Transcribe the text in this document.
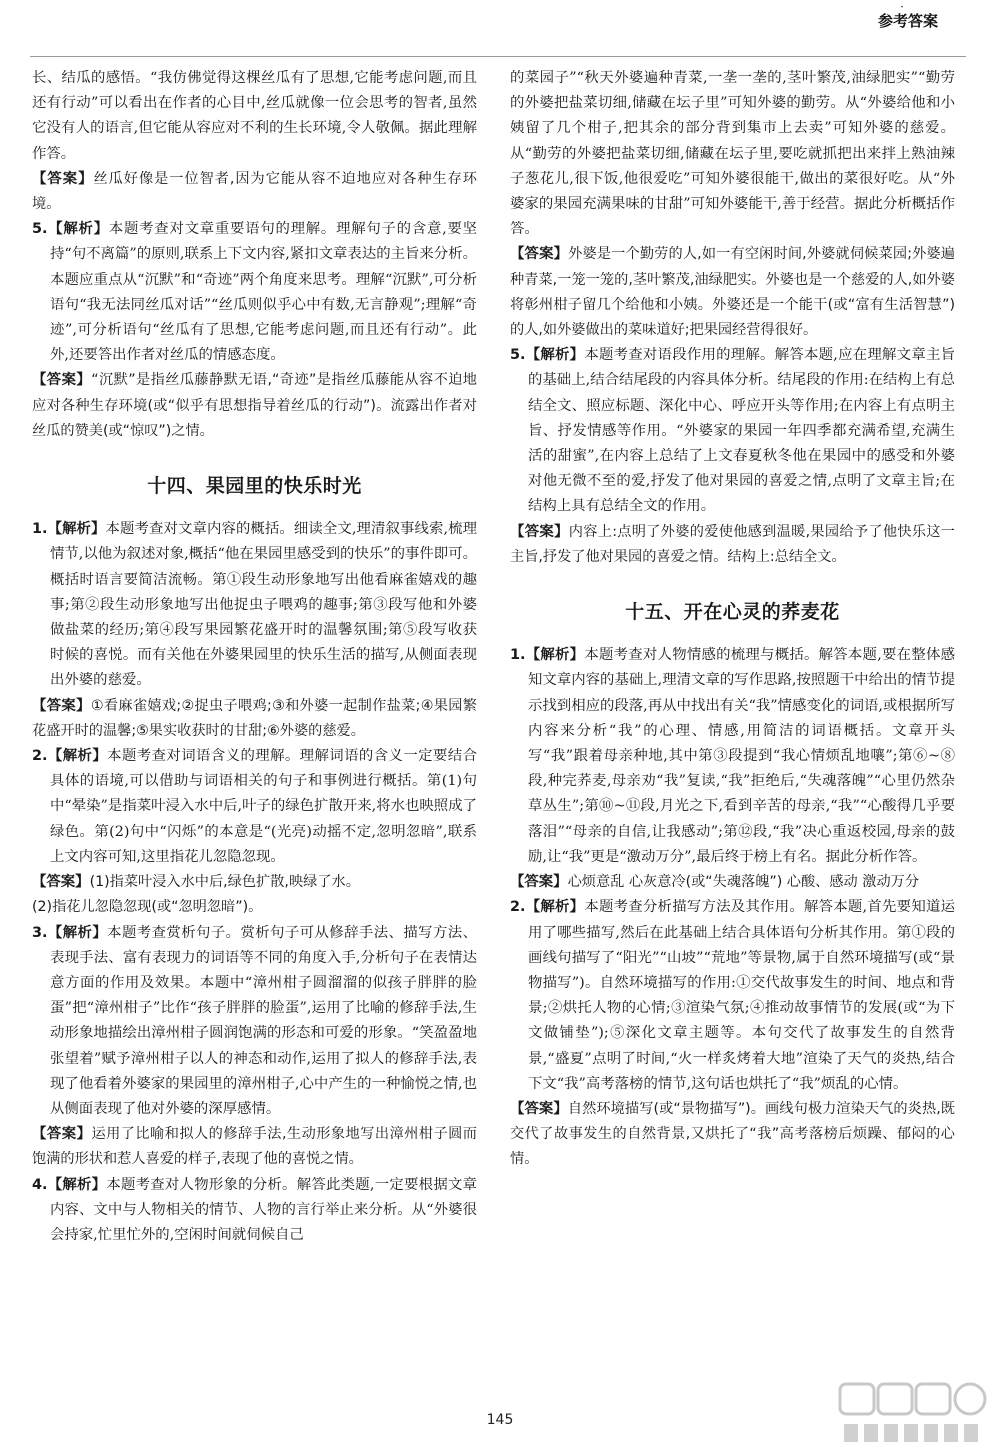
·
参考答案

长、结瓜的感悟。“我仿佛觉得这棵丝瓜有了思想,它能考虑问题,而且还有行动”可以看出在作者的心目中,丝瓜就像一位会思考的智者,虽然它没有人的语言,但它能从容应对不利的生长环境,令人敬佩。据此理解作答。

【答案】丝瓜好像是一位智者,因为它能从容不迫地应对各种生存环境。

5.【解析】本题考查对文章重要语句的理解。理解句子的含意,要坚持“句不离篇”的原则,联系上下文内容,紧扣文章表达的主旨来分析。本题应重点从“沉默”和“奇迹”两个角度来思考。理解“沉默”,可分析语句“我无法同丝瓜对话”“丝瓜则似乎心中有数,无言静观”;理解“奇迹”,可分析语句“丝瓜有了思想,它能考虑问题,而且还有行动”。此外,还要答出作者对丝瓜的情感态度。

【答案】“沉默”是指丝瓜藤静默无语,“奇迹”是指丝瓜藤能从容不迫地应对各种生存环境(或“似乎有思想指导着丝瓜的行动”)。流露出作者对丝瓜的赞美(或“惊叹”)之情。

十四、果园里的快乐时光

1.【解析】本题考查对文章内容的概括。细读全文,理清叙事线索,梳理情节,以他为叙述对象,概括“他在果园里感受到的快乐”的事件即可。概括时语言要简洁流畅。第①段生动形象地写出他看麻雀嬉戏的趣事;第②段生动形象地写出他捉虫子喂鸡的趣事;第③段写他和外婆做盐菜的经历;第④段写果园繁花盛开时的温馨氛围;第⑤段写收获时候的喜悦。而有关他在外婆果园里的快乐生活的描写,从侧面表现出外婆的慈爱。

【答案】①看麻雀嬉戏;②捉虫子喂鸡;③和外婆一起制作盐菜;④果园繁花盛开时的温馨;⑤果实收获时的甘甜;⑥外婆的慈爱。

2.【解析】本题考查对词语含义的理解。理解词语的含义一定要结合具体的语境,可以借助与词语相关的句子和事例进行概括。第(1)句中“晕染”是指菜叶浸入水中后,叶子的绿色扩散开来,将水也映照成了绿色。第(2)句中“闪烁”的本意是“(光亮)动摇不定,忽明忽暗”,联系上文内容可知,这里指花儿忽隐忽现。

【答案】(1)指菜叶浸入水中后,绿色扩散,映绿了水。

(2)指花儿忽隐忽现(或“忽明忽暗”)。

3.【解析】本题考查赏析句子。赏析句子可从修辞手法、描写方法、表现手法、富有表现力的词语等不同的角度入手,分析句子在表情达意方面的作用及效果。本题中“漳州柑子圆溜溜的似孩子胖胖的脸蛋”把“漳州柑子”比作“孩子胖胖的脸蛋”,运用了比喻的修辞手法,生动形象地描绘出漳州柑子圆润饱满的形态和可爱的形象。“笑盈盈地张望着”赋予漳州柑子以人的神态和动作,运用了拟人的修辞手法,表现了他看着外婆家的果园里的漳州柑子,心中产生的一种愉悦之情,也从侧面表现了他对外婆的深厚感情。

【答案】运用了比喻和拟人的修辞手法,生动形象地写出漳州柑子圆而饱满的形状和惹人喜爱的样子,表现了他的喜悦之情。

4.【解析】本题考查对人物形象的分析。解答此类题,一定要根据文章内容、文中与人物相关的情节、人物的言行举止来分析。从“外婆很会持家,忙里忙外的,空闲时间就伺候自己

的菜园子”“秋天外婆遍种青菜,一垄一垄的,茎叶繁茂,油绿肥实”“勤劳的外婆把盐菜切细,储藏在坛子里”可知外婆的勤劳。从“外婆给他和小姨留了几个柑子,把其余的部分背到集市上去卖”可知外婆的慈爱。从“勤劳的外婆把盐菜切细,储藏在坛子里,要吃就抓把出来拌上熟油辣子葱花儿,很下饭,他很爱吃”可知外婆很能干,做出的菜很好吃。从“外婆家的果园充满果味的甘甜”可知外婆能干,善于经营。据此分析概括作答。

【答案】外婆是一个勤劳的人,如一有空闲时间,外婆就伺候菜园;外婆遍种青菜,一笼一笼的,茎叶繁茂,油绿肥实。外婆也是一个慈爱的人,如外婆将彰州柑子留几个给他和小姨。外婆还是一个能干(或“富有生活智慧”)的人,如外婆做出的菜味道好;把果园经营得很好。

5.【解析】本题考查对语段作用的理解。解答本题,应在理解文章主旨的基础上,结合结尾段的内容具体分析。结尾段的作用:在结构上有总结全文、照应标题、深化中心、呼应开头等作用;在内容上有点明主旨、抒发情感等作用。“外婆家的果园一年四季都充满希望,充满生活的甜蜜”,在内容上总结了上文春夏秋冬他在果园中的感受和外婆对他无微不至的爱,抒发了他对果园的喜爱之情,点明了文章主旨;在结构上具有总结全文的作用。

【答案】内容上:点明了外婆的爱使他感到温暖,果园给予了他快乐这一主旨,抒发了他对果园的喜爱之情。结构上:总结全文。

十五、开在心灵的荞麦花

1.【解析】本题考查对人物情感的梳理与概括。解答本题,要在整体感知文章内容的基础上,理清文章的写作思路,按照题干中给出的情节提示找到相应的段落,再从中找出有关“我”情感变化的词语,或根据所写内容来分析“我”的心理、情感,用简洁的词语概括。文章开头写“我”跟着母亲种地,其中第③段提到“我心情烦乱地嚷”;第⑥~⑧段,种完荞麦,母亲劝“我”复读,“我”拒绝后,“失魂落魄”“心里仍然杂草丛生”;第⑩~⑪段,月光之下,看到辛苦的母亲,“我”“心酸得几乎要落泪”“母亲的自信,让我感动”;第⑫段,“我”决心重返校园,母亲的鼓励,让“我”更是“激动万分”,最后终于榜上有名。据此分析作答。

【答案】心烦意乱 心灰意冷(或“失魂落魄”) 心酸、感动 激动万分

2.【解析】本题考查分析描写方法及其作用。解答本题,首先要知道运用了哪些描写,然后在此基础上结合具体语句分析其作用。第①段的画线句描写了“阳光”“山坡”“荒地”等景物,属于自然环境描写(或“景物描写”)。自然环境描写的作用:①交代故事发生的时间、地点和背景;②烘托人物的心情;③渲染气氛;④推动故事情节的发展(或“为下文做铺垫”);⑤深化文章主题等。本句交代了故事发生的自然背景,“盛夏”点明了时间,“火一样炙烤着大地”渲染了天气的炎热,结合下文“我”高考落榜的情节,这句话也烘托了“我”烦乱的心情。

【答案】自然环境描写(或“景物描写”)。画线句极力渲染天气的炎热,既交代了故事发生的自然背景,又烘托了“我”高考落榜后烦躁、郁闷的心情。

145
